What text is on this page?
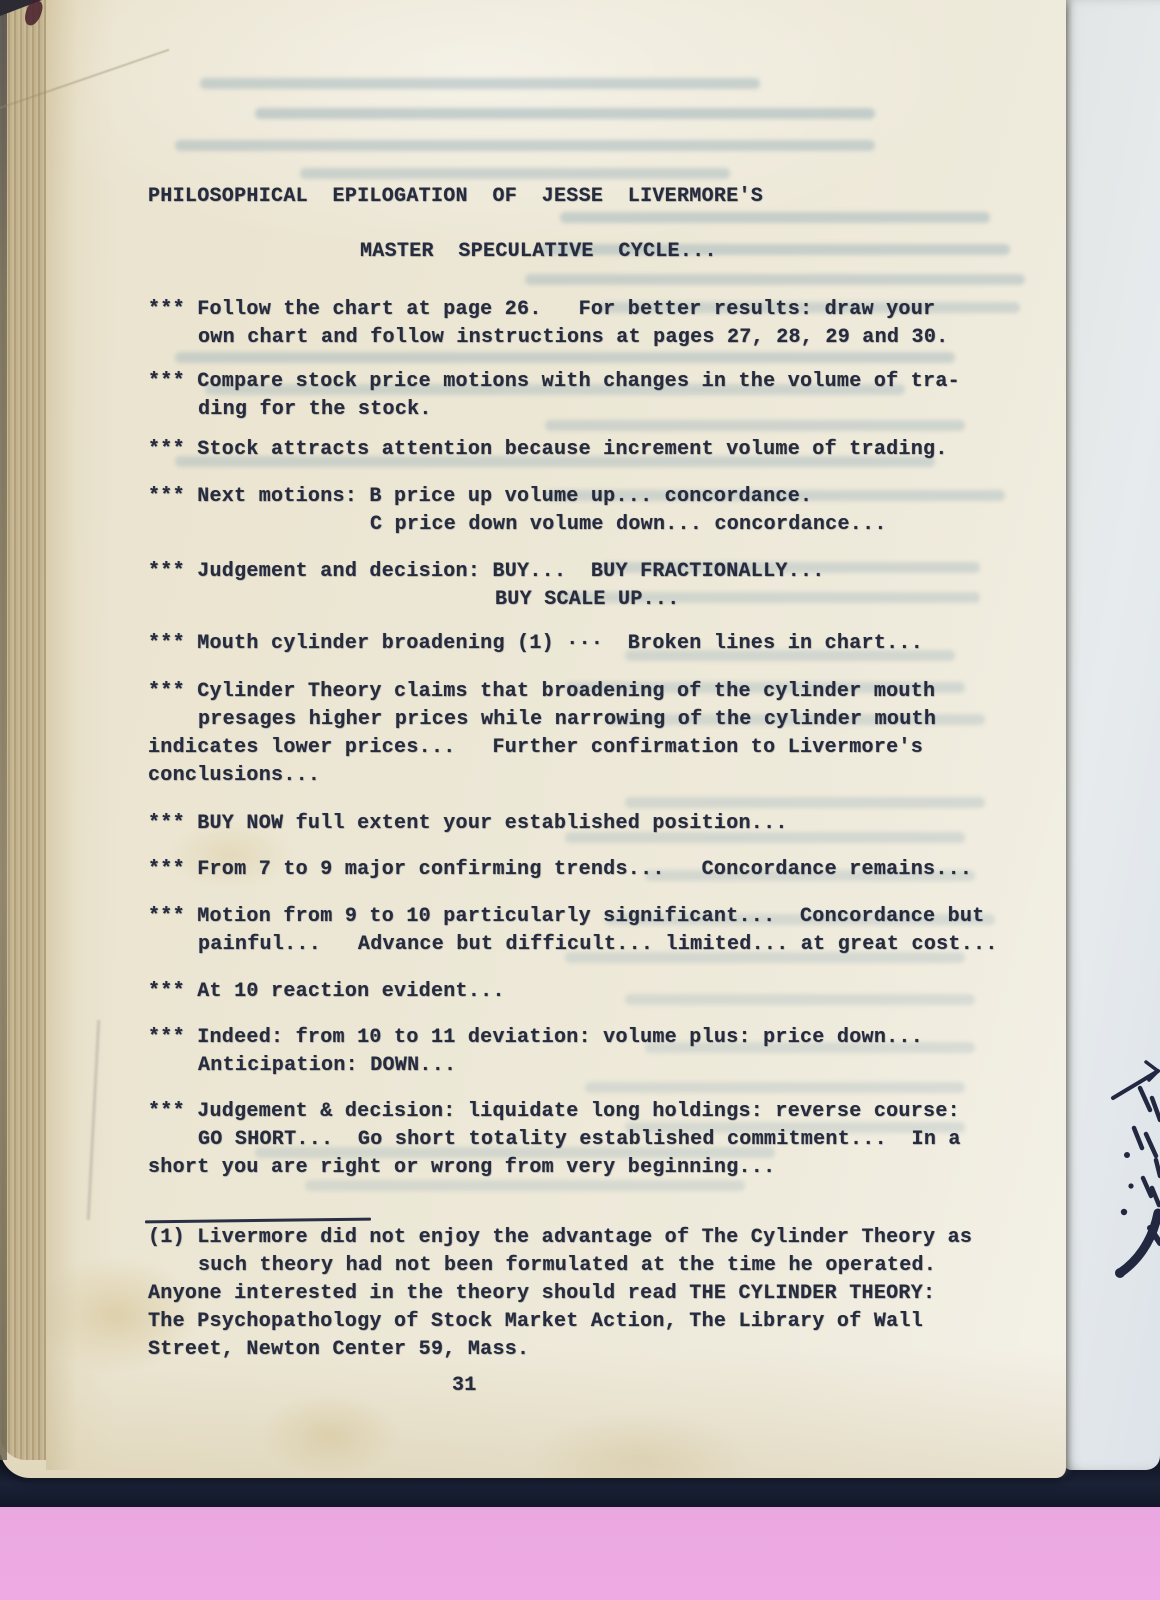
PHILOSOPHICAL  EPILOGATION  OF  JESSE  LIVERMORE'S
MASTER  SPECULATIVE  CYCLE...
*** Follow the chart at page 26.   For better results: draw your
own chart and follow instructions at pages 27, 28, 29 and 30.
*** Compare stock price motions with changes in the volume of tra-
ding for the stock.
*** Stock attracts attention because increment volume of trading.
*** Next motions: B price up volume up... concordance.
C price down volume down... concordance...
*** Judgement and decision: BUY...  BUY FRACTIONALLY...
BUY SCALE UP...
*** Mouth cylinder broadening (1) ···  Broken lines in chart...
*** Cylinder Theory claims that broadening of the cylinder mouth
presages higher prices while narrowing of the cylinder mouth
indicates lower prices...   Further confirmation to Livermore's
conclusions...
*** BUY NOW full extent your established position...
*** From 7 to 9 major confirming trends...   Concordance remains...
*** Motion from 9 to 10 particularly significant...  Concordance but
painful...   Advance but difficult... limited... at great cost...
*** At 10 reaction evident...
*** Indeed: from 10 to 11 deviation: volume plus: price down...
Anticipation: DOWN...
*** Judgement & decision: liquidate long holdings: reverse course:
GO SHORT...  Go short totality established commitment...  In a
short you are right or wrong from very beginning...
(1) Livermore did not enjoy the advantage of The Cylinder Theory as
such theory had not been formulated at the time he operated.
Anyone interested in the theory should read THE CYLINDER THEORY:
The Psychopathology of Stock Market Action, The Library of Wall
Street, Newton Center 59, Mass.
31
